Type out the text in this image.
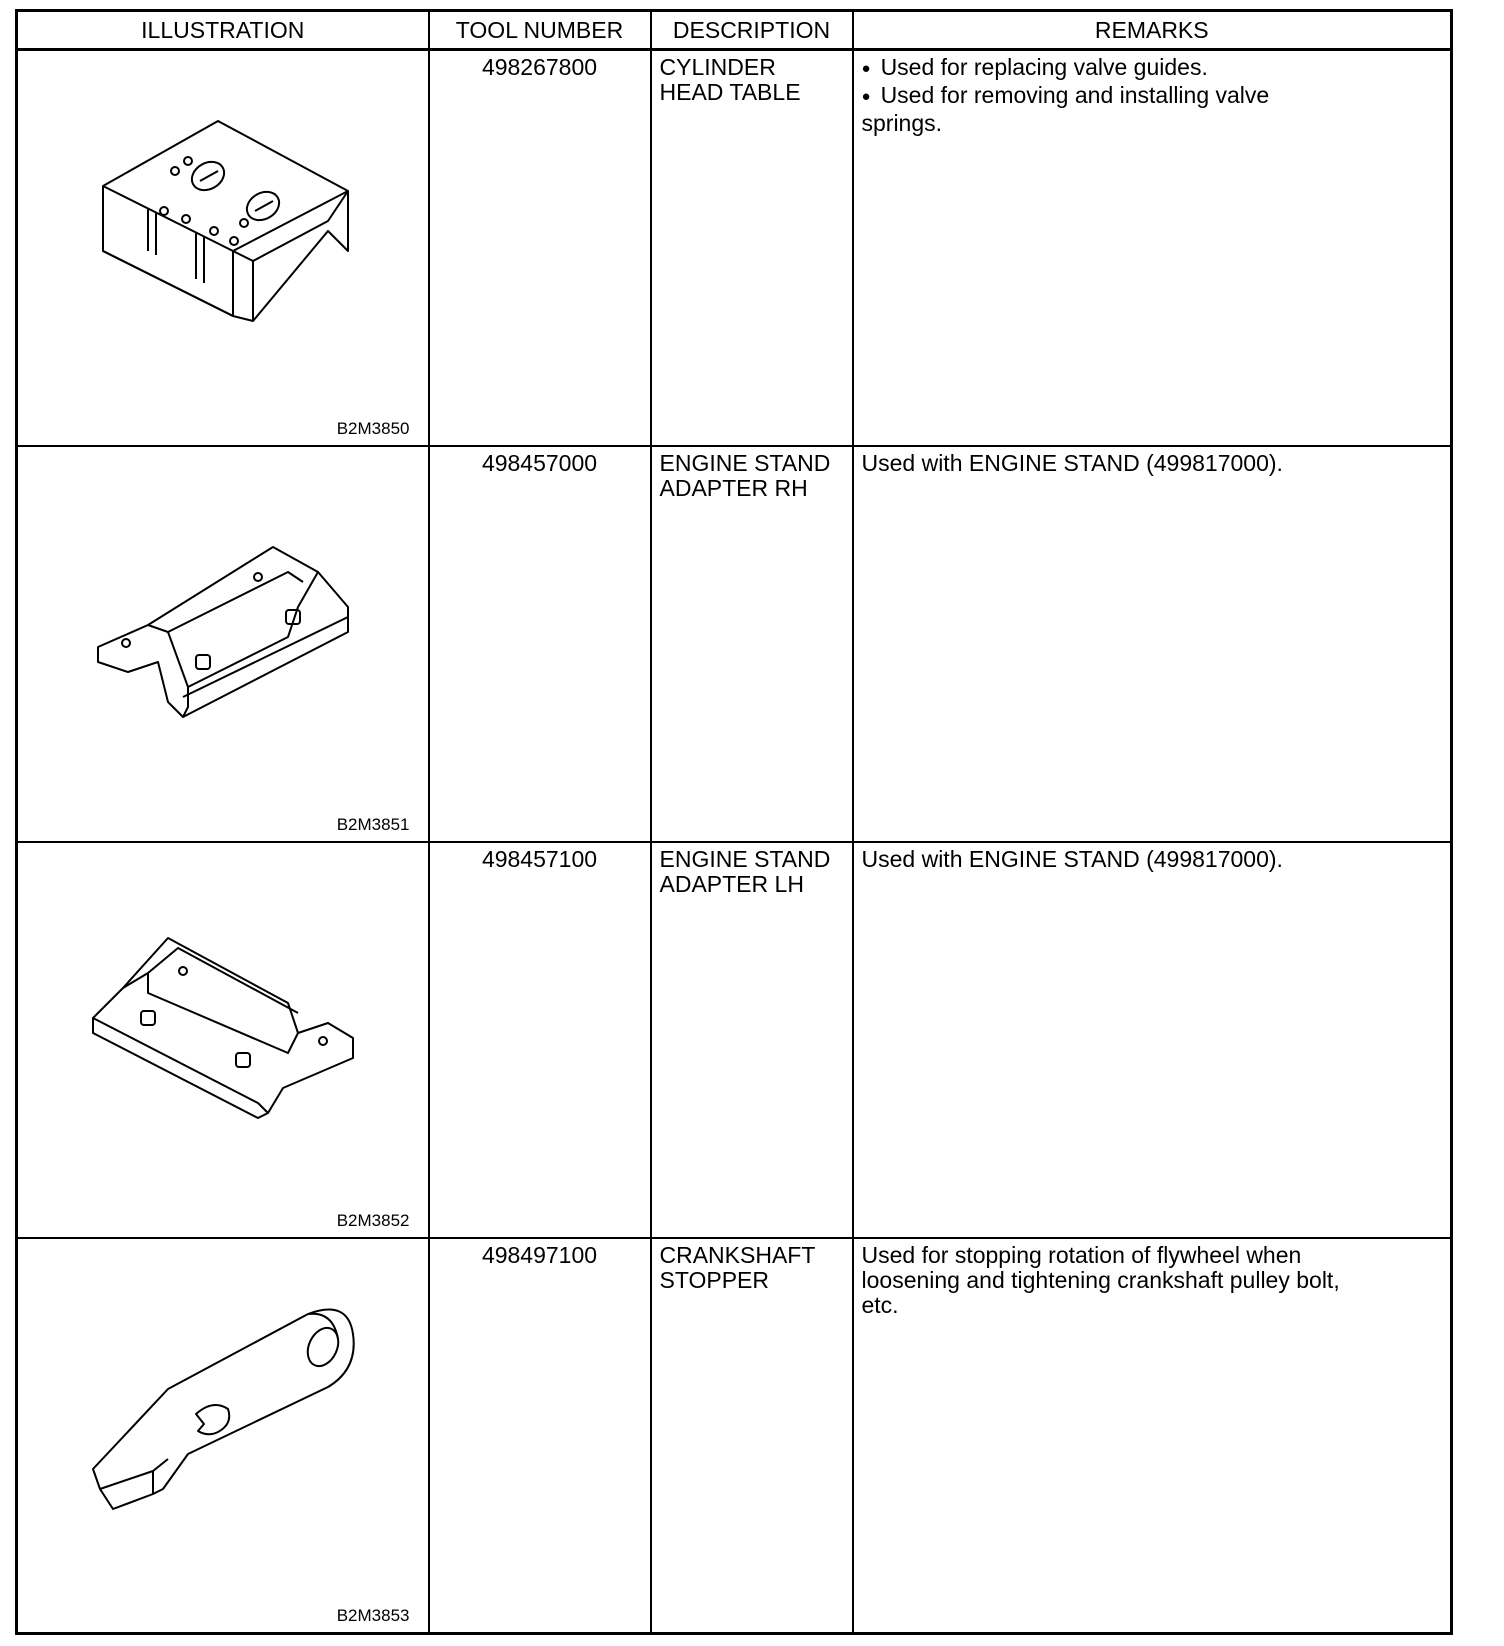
ILLUSTRATION	TOOL NUMBER	DESCRIPTION	REMARKS

B2M3850	498267800	CYLINDER
HEAD TABLE	● Used for replacing valve guides.
● Used for removing and installing valve
springs.

B2M3851	498457000	ENGINE STAND
ADAPTER RH	Used with ENGINE STAND (499817000).

B2M3852	498457100	ENGINE STAND
ADAPTER LH	Used with ENGINE STAND (499817000).

B2M3853	498497100	CRANKSHAFT
STOPPER	Used for stopping rotation of flywheel when
loosening and tightening crankshaft pulley bolt,
etc.
